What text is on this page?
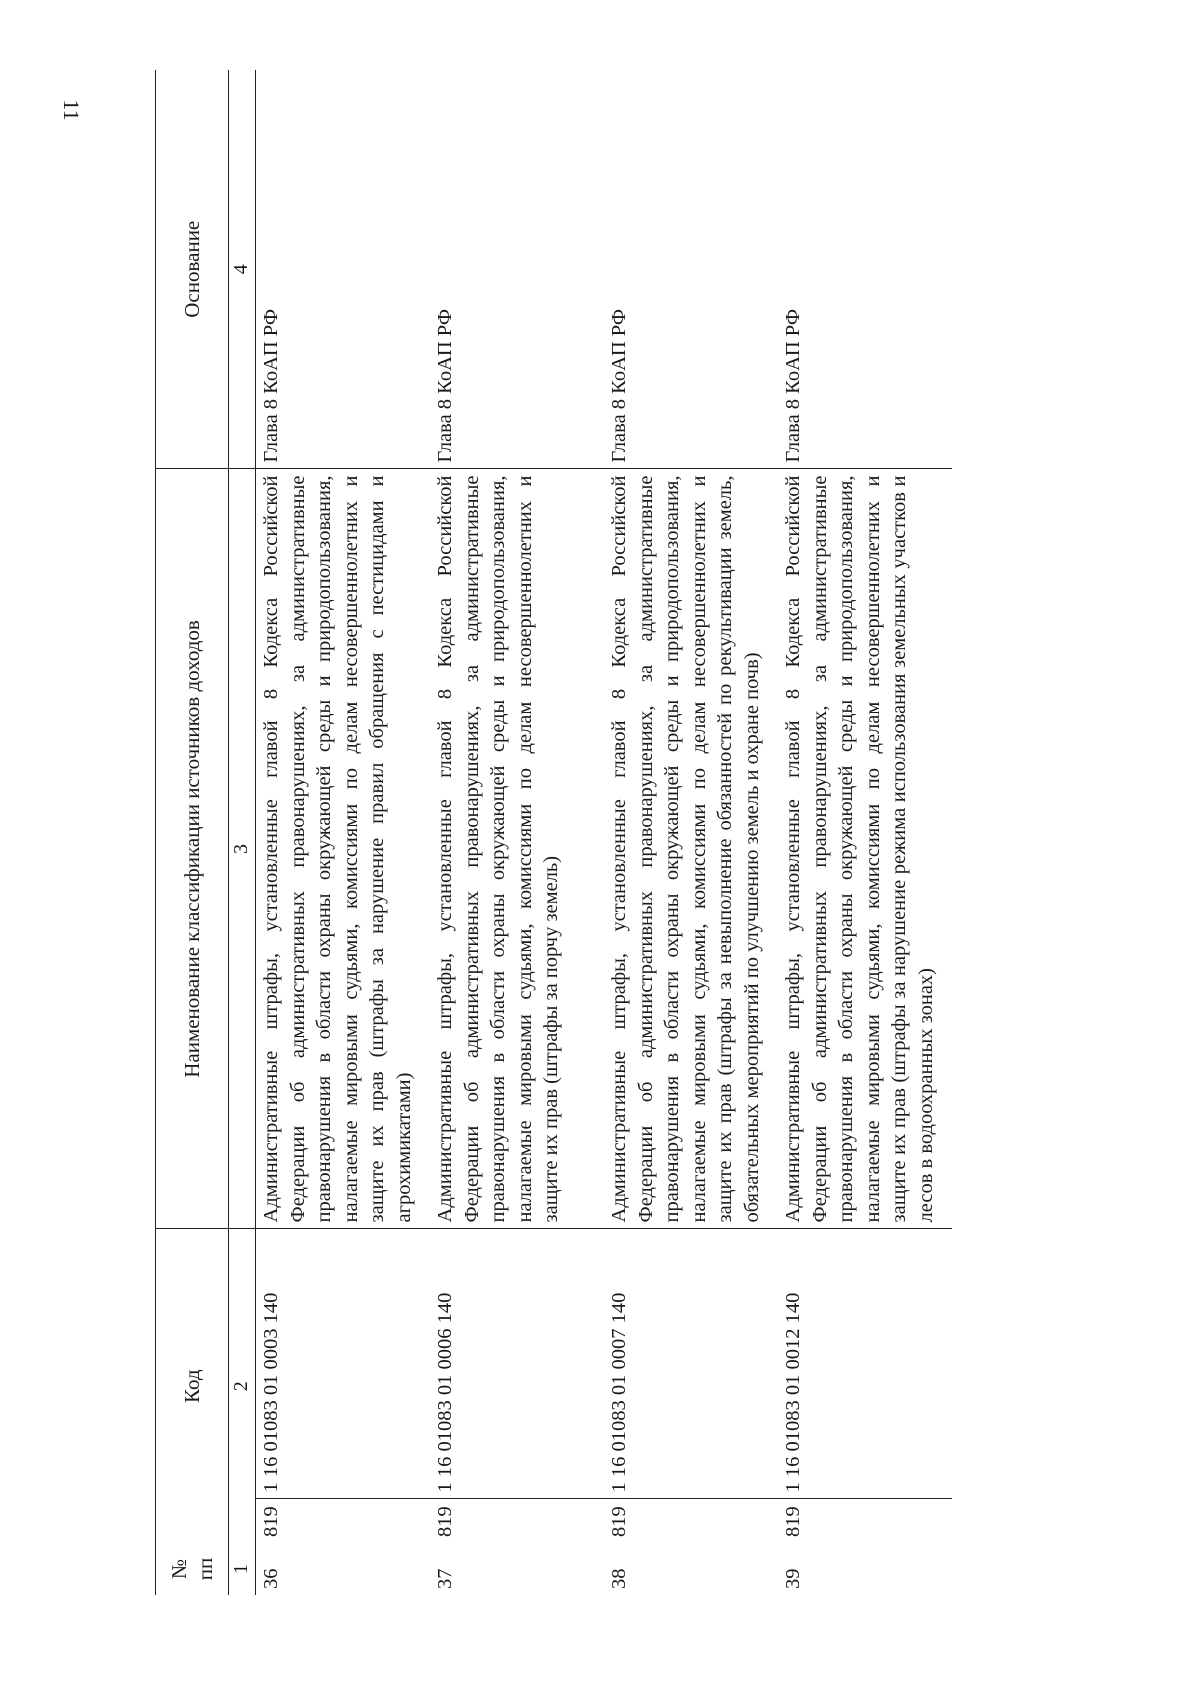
11
№
пп	Код		Наименование классификации источников доходов	Основание
1	2		3	4
36	819	1 16 01083 01 0003 140	Административные штрафы, установленные главой 8 Кодекса Российской Федерации об административных правонарушениях, за административные правонарушения в области охраны окружающей среды и природопользования, налагаемые мировыми судьями, комиссиями по делам несовершеннолетних и защите их прав (штрафы за нарушение правил обращения с пестицидами и агрохимикатами)	Глава 8 КоАП РФ
37	819	1 16 01083 01 0006 140	Административные штрафы, установленные главой 8 Кодекса Российской Федерации об административных правонарушениях, за административные правонарушения в области охраны окружающей среды и природопользования, налагаемые мировыми судьями, комиссиями по делам несовершеннолетних и защите их прав (штрафы за порчу земель)	Глава 8 КоАП РФ
38	819	1 16 01083 01 0007 140	Административные штрафы, установленные главой 8 Кодекса Российской Федерации об административных правонарушениях, за административные правонарушения в области охраны окружающей среды и природопользования, налагаемые мировыми судьями, комиссиями по делам несовершеннолетних и защите их прав (штрафы за невыполнение обязанностей по рекультивации земель, обязательных мероприятий по улучшению земель и охране почв)	Глава 8 КоАП РФ
39	819	1 16 01083 01 0012 140	Административные штрафы, установленные главой 8 Кодекса Российской Федерации об административных правонарушениях, за административные правонарушения в области охраны окружающей среды и природопользования, налагаемые мировыми судьями, комиссиями по делам несовершеннолетних и защите их прав (штрафы за нарушение режима использования земельных участков и лесов в водоохранных зонах)	Глава 8 КоАП РФ
